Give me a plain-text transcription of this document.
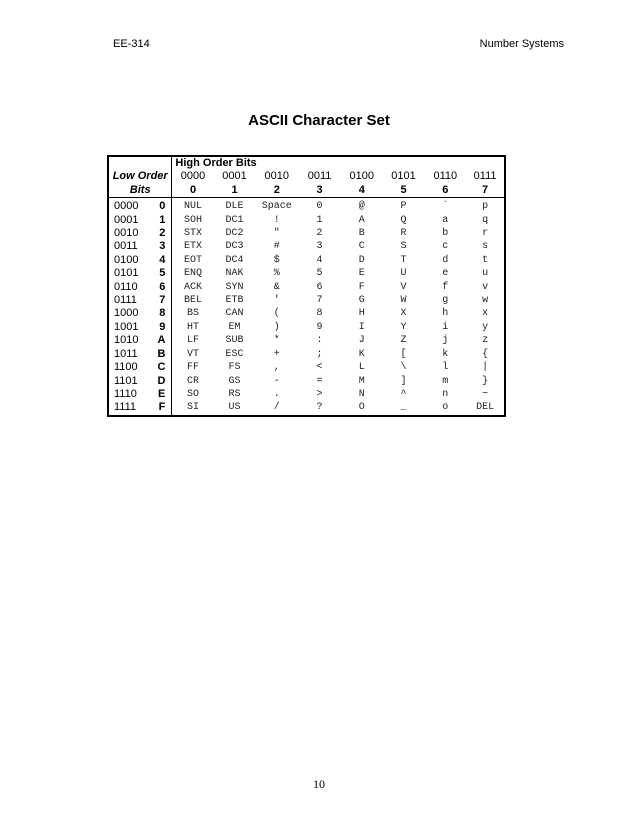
EE-314	Number Systems
ASCII Character Set
		High Order Bits							
Low Order		0000	0001	0010	0011	0100	0101	0110	0111
Bits		0	1	2	3	4	5	6	7
0000	0	NUL	DLE	Space	0	@	P	`	p
0001	1	SOH	DC1	!	1	A	Q	a	q
0010	2	STX	DC2	"	2	B	R	b	r
0011	3	ETX	DC3	#	3	C	S	c	s
0100	4	EOT	DC4	$	4	D	T	d	t
0101	5	ENQ	NAK	%	5	E	U	e	u
0110	6	ACK	SYN	&	6	F	V	f	v
0111	7	BEL	ETB	'	7	G	W	g	w
1000	8	BS	CAN	(	8	H	X	h	x
1001	9	HT	EM	)	9	I	Y	i	y
1010	A	LF	SUB	*	:	J	Z	j	z
1011	B	VT	ESC	+	;	K	[	k	{
1100	C	FF	FS	,	<	L	\	l	|
1101	D	CR	GS	-	=	M	]	m	}
1110	E	SO	RS	.	>	N	^	n	~
1111	F	SI	US	/	?	O	_	o	DEL
10
